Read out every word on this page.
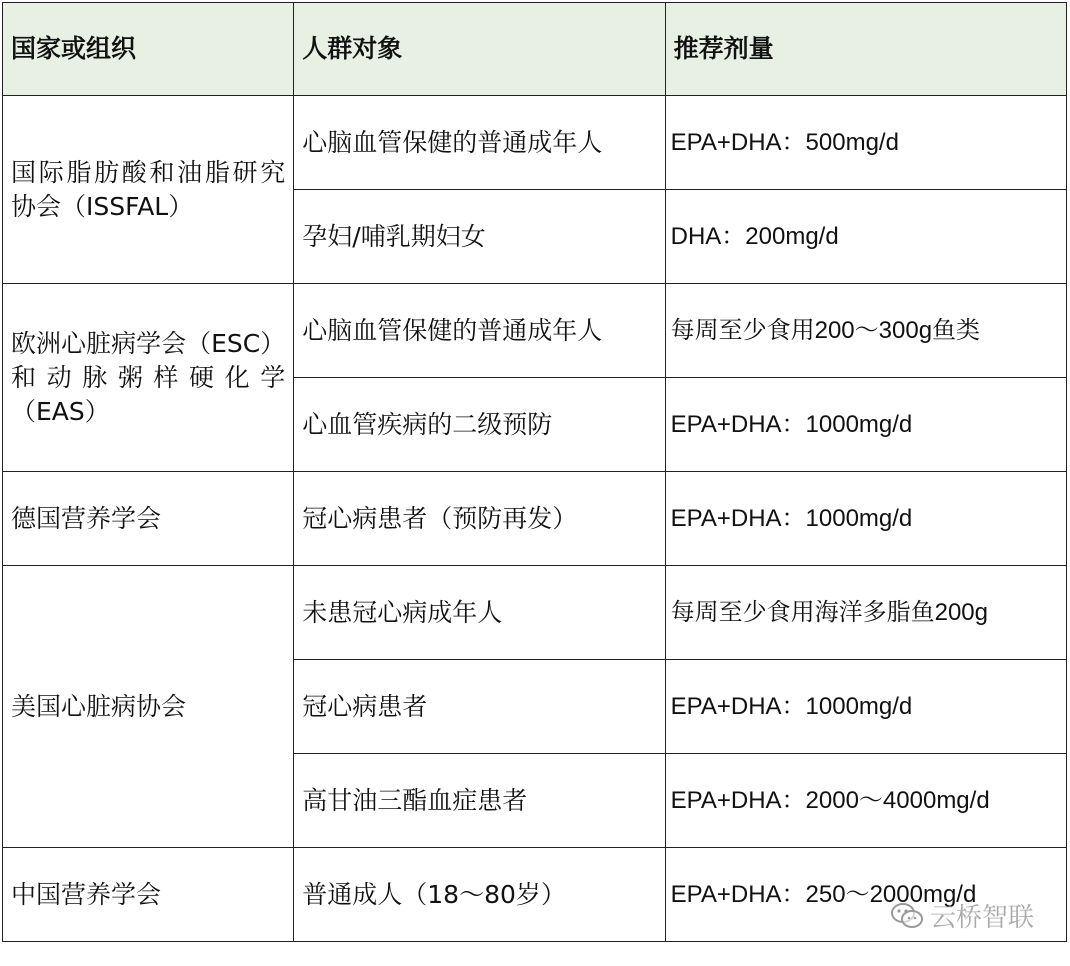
国家或组织	人群对象	推荐剂量
国际脂肪酸和油脂研究协会（ISSFAL）	心脑血管保健的普通成年人	EPA+DHA：500mg/d
	孕妇/哺乳期妇女	DHA：200mg/d
欧洲心脏病学会（ESC）和动脉粥样硬化学（EAS）	心脑血管保健的普通成年人	每周至少食用200～300g鱼类
	心血管疾病的二级预防	EPA+DHA：1000mg/d
德国营养学会	冠心病患者（预防再发）	EPA+DHA：1000mg/d
美国心脏病协会	未患冠心病成年人	每周至少食用海洋多脂鱼200g
	冠心病患者	EPA+DHA：1000mg/d
	高甘油三酯血症患者	EPA+DHA：2000～4000mg/d
中国营养学会	普通成人（18～80岁）	EPA+DHA：250～2000mg/d
云桥智联
